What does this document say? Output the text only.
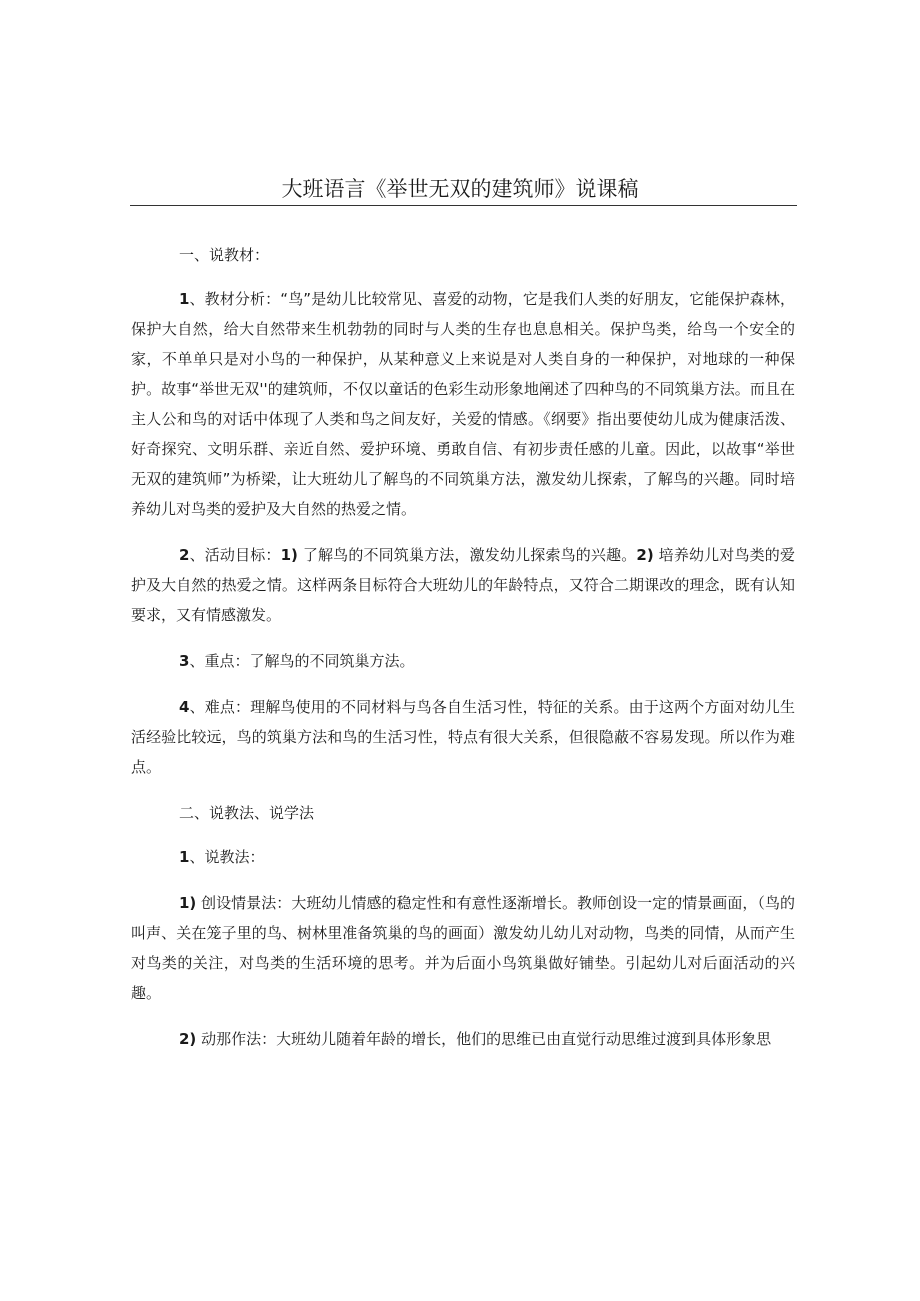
大班语言《举世无双的建筑师》说课稿

一、说教材：

1、教材分析：“鸟”是幼儿比较常见、喜爱的动物，它是我们人类的好朋友，它能保护森林，保护大自然，给大自然带来生机勃勃的同时与人类的生存也息息相关。保护鸟类，给鸟一个安全的家，不单单只是对小鸟的一种保护，从某种意义上来说是对人类自身的一种保护，对地球的一种保护。故事“举世无双''的建筑师，不仅以童话的色彩生动形象地阐述了四种鸟的不同筑巢方法。而且在主人公和鸟的对话中体现了人类和鸟之间友好，关爱的情感。《纲要》指出要使幼儿成为健康活泼、好奇探究、文明乐群、亲近自然、爱护环境、勇敢自信、有初步责任感的儿童。因此，以故事“举世无双的建筑师”为桥梁，让大班幼儿了解鸟的不同筑巢方法，激发幼儿探索，了解鸟的兴趣。同时培养幼儿对鸟类的爱护及大自然的热爱之情。

2、活动目标：1) 了解鸟的不同筑巢方法，激发幼儿探索鸟的兴趣。2) 培养幼儿对鸟类的爱护及大自然的热爱之情。这样两条目标符合大班幼儿的年龄特点，又符合二期课改的理念，既有认知要求，又有情感激发。

3、重点：了解鸟的不同筑巢方法。

4、难点：理解鸟使用的不同材料与鸟各自生活习性，特征的关系。由于这两个方面对幼儿生活经验比较远，鸟的筑巢方法和鸟的生活习性，特点有很大关系，但很隐蔽不容易发现。所以作为难点。

二、说教法、说学法

1、说教法：

1) 创设情景法：大班幼儿情感的稳定性和有意性逐渐增长。教师创设一定的情景画面，（鸟的叫声、关在笼子里的鸟、树林里准备筑巢的鸟的画面）激发幼儿幼儿对动物，鸟类的同情，从而产生对鸟类的关注，对鸟类的生活环境的思考。并为后面小鸟筑巢做好铺垫。引起幼儿对后面活动的兴趣。

2) 动那作法：大班幼儿随着年龄的增长，他们的思维已由直觉行动思维过渡到具体形象思
